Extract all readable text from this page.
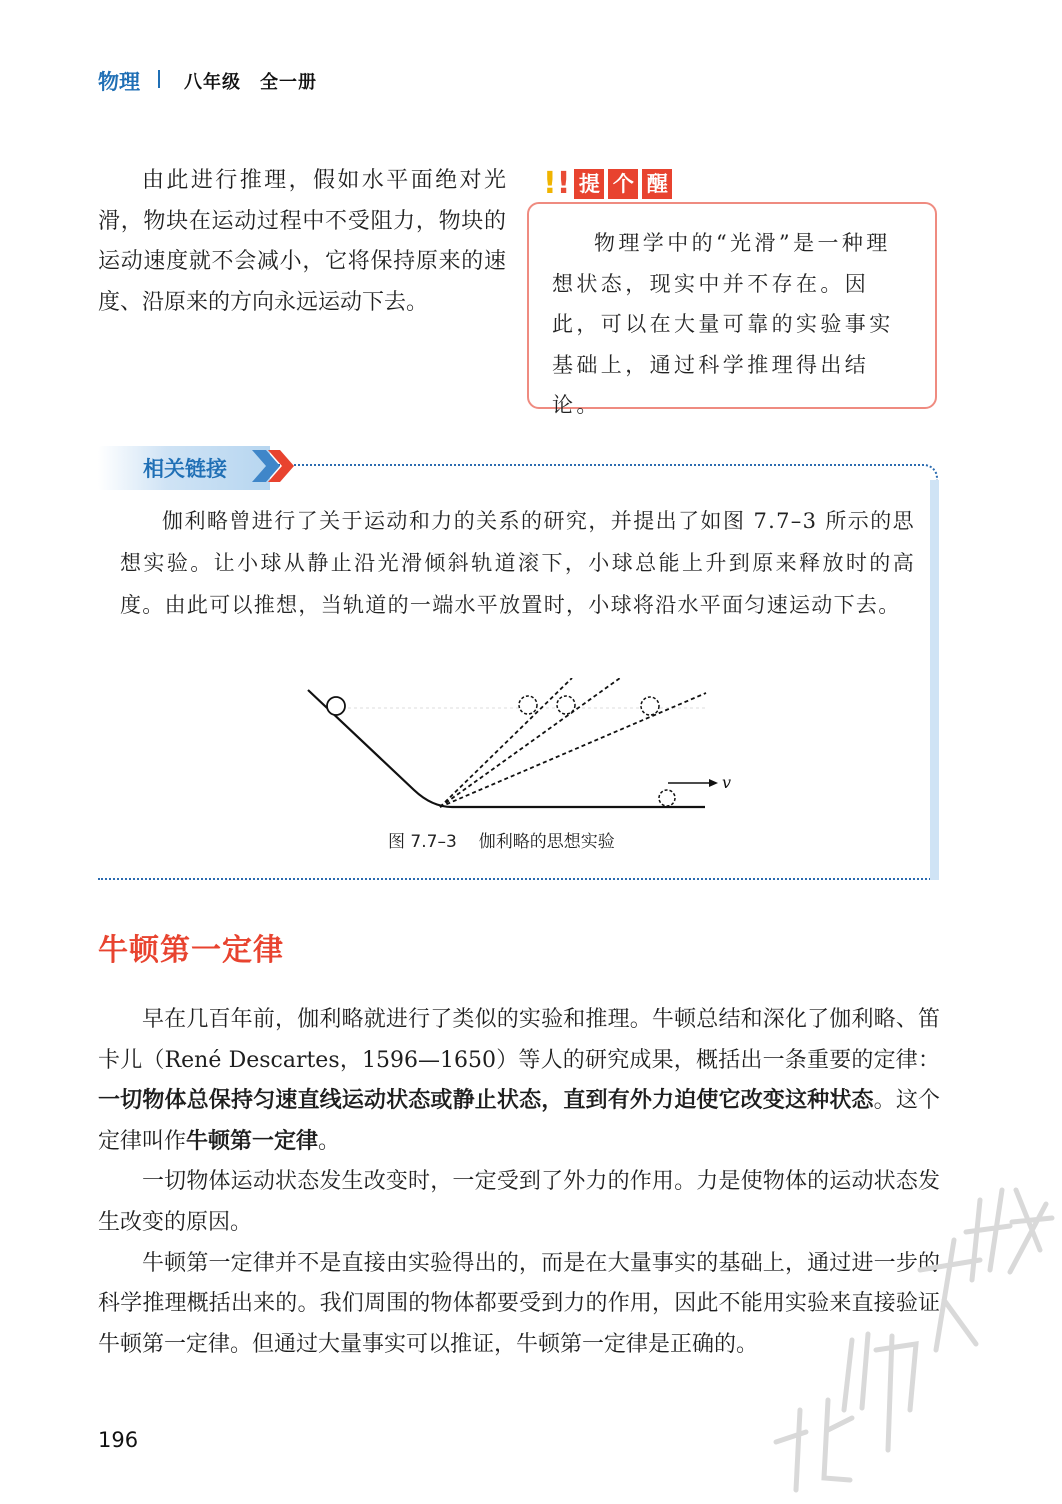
物理 八年级　全一册

由此进行推理，假如水平面绝对光滑，物块在运动过程中不受阻力，物块的运动速度就不会减小，它将保持原来的速度、沿原来的方向永远运动下去。

!! 提 个 醒

物理学中的“光滑”是一种理想状态，现实中并不存在。因此，可以在大量可靠的实验事实基础上，通过科学推理得出结论。

相关链接

伽利略曾进行了关于运动和力的关系的研究，并提出了如图 7.7–3 所示的思想实验。让小球从静止沿光滑倾斜轨道滚下，小球总能上升到原来释放时的高度。由此可以推想，当轨道的一端水平放置时，小球将沿水平面匀速运动下去。

v
图 7.7–3 伽利略的思想实验
牛顿第一定律

早在几百年前，伽利略就进行了类似的实验和推理。牛顿总结和深化了伽利略、笛卡儿（René Descartes，1596—1650）等人的研究成果，概括出一条重要的定律：一切物体总保持匀速直线运动状态或静止状态，直到有外力迫使它改变这种状态。这个定律叫作牛顿第一定律。

一切物体运动状态发生改变时，一定受到了外力的作用。力是使物体的运动状态发生改变的原因。

牛顿第一定律并不是直接由实验得出的，而是在大量事实的基础上，通过进一步的科学推理概括出来的。我们周围的物体都要受到力的作用，因此不能用实验来直接验证牛顿第一定律。但通过大量事实可以推证，牛顿第一定律是正确的。

196
